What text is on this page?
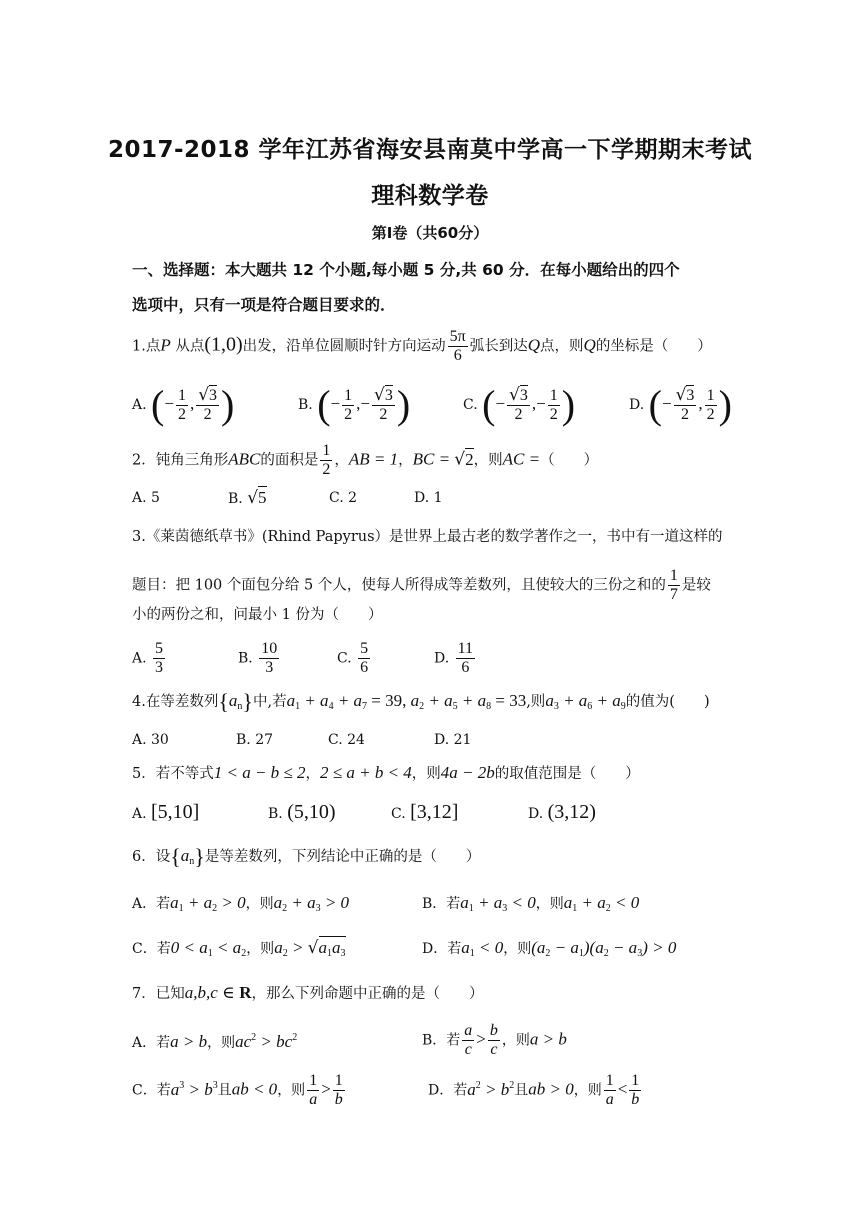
2017-2018 学年江苏省海安县南莫中学高一下学期期末考试
理科数学卷
第Ⅰ卷（共60分）
一、选择题：本大题共 12 个小题,每小题 5 分,共 60 分．在每小题给出的四个
选项中，只有一项是符合题目要求的．
1.点P 从点(1,0)出发，沿单位圆顺时针方向运动 $\frac{5\pi}{6}$ 弧长到达Q点，则Q的坐标是（　　）
A. (− $\frac{1}{2}$ , $\frac{√3}{2}$ )	B. (− $\frac{1}{2}$ ,− $\frac{√3}{2}$ )	C. (− $\frac{√3}{2}$ ,− $\frac{1}{2}$ )	D. (− $\frac{√3}{2}$ , $\frac{1}{2}$ )
2．钝角三角形ABC的面积是 $\frac{1}{2}$ ，AB = 1，BC = √2，则AC =（　　）
A. 5	B. √5	C. 2	D. 1
3.《莱茵德纸草书》(Rhind Papyrus）是世界上最古老的数学著作之一，书中有一道这样的
题目：把 100 个面包分给 5 个人，使每人所得成等差数列，且使较大的三份之和的 $\frac{1}{7}$ 是较
小的两份之和，问最小 1 份为（　　）
A. $\frac{5}{3}$	B. $\frac{10}{3}$	C. $\frac{5}{6}$	D. $\frac{11}{6}$
4.在等差数列$\{a_n\}$中,若$a_1 + a_4 + a_7 = 39$, $a_2 + a_5 + a_8 = 33$,则$a_3 + a_6 + a_9$的值为(　　)
A. 30	B. 27	C. 24	D. 21
5．若不等式1 < a − b ≤ 2，2 ≤ a + b < 4，则4a − 2b的取值范围是（　　）
A. [5,10]	B. (5,10)	C. [3,12]	D. (3,12)
6．设$\{a_n\}$是等差数列，下列结论中正确的是（　　）
A．若$a_1 + a_2 > 0$，则$a_2 + a_3 > 0$	B．若$a_1 + a_3 < 0$，则$a_1 + a_2 < 0$
C．若$0 < a_1 < a_2$，则$a_2 > √a_1a_3$	D．若$a_1 < 0$，则$(a_2 - a_1)(a_2 - a_3) > 0$
7．已知a,b,c ∈ R，那么下列命题中正确的是（　　）
A．若a > b，则$ac^2 > bc^2$	B．若 $\frac{a}{c} > \frac{b}{c}$ ，则a > b
C．若$a^3 > b^3$且ab < 0，则 $\frac{1}{a} > \frac{1}{b}$	D．若$a^2 > b^2$且ab > 0，则 $\frac{1}{a} < \frac{1}{b}$
